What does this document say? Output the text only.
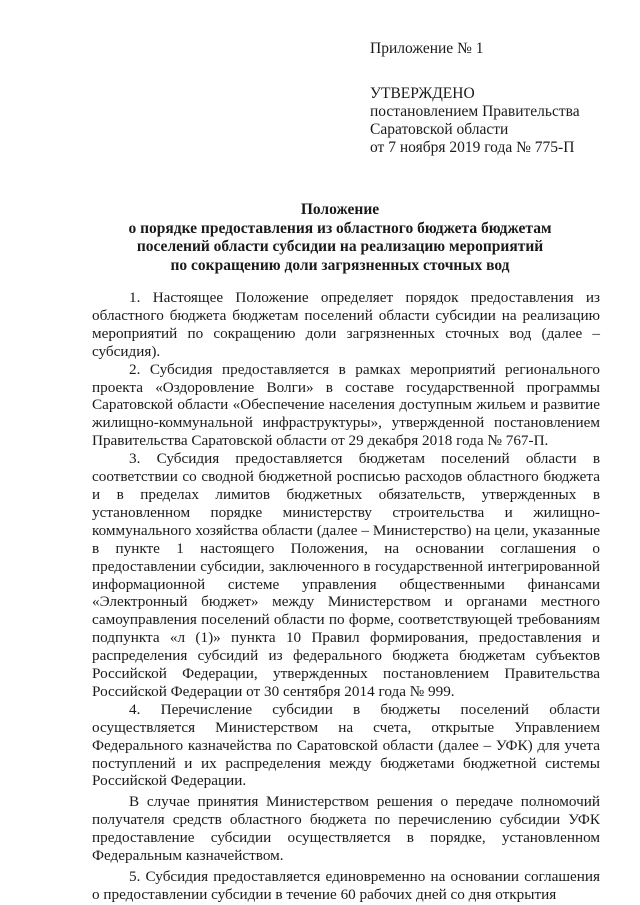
Приложение № 1
УТВЕРЖДЕНО
постановлением Правительства
Саратовской области
от 7 ноября 2019 года № 775-П
Положение
о порядке предоставления из областного бюджета бюджетам
поселений области субсидии на реализацию мероприятий
по сокращению доли загрязненных сточных вод

1. Настоящее Положение определяет порядок предоставления из областного бюджета бюджетам поселений области субсидии на реализацию мероприятий по сокращению доли загрязненных сточных вод (далее – субсидия).

2. Субсидия предоставляется в рамках мероприятий регионального проекта «Оздоровление Волги» в составе государственной программы Саратовской области «Обеспечение населения доступным жильем и развитие жилищно-коммунальной инфраструктуры», утвержденной постановлением Правительства Саратовской области от 29 декабря 2018 года № 767-П.

3. Субсидия предоставляется бюджетам поселений области в соответствии со сводной бюджетной росписью расходов областного бюджета и в пределах лимитов бюджетных обязательств, утвержденных в установленном порядке министерству строительства и жилищно-коммунального хозяйства области (далее – Министерство) на цели, указанные в пункте 1 настоящего Положения, на основании соглашения о предоставлении субсидии, заключенного в государственной интегрированной информационной системе управления общественными финансами «Электронный бюджет» между Министерством и органами местного самоуправления поселений области по форме, соответствующей требованиям подпункта «л (1)» пункта 10 Правил формирования, предоставления и распределения субсидий из федерального бюджета бюджетам субъектов Российской Федерации, утвержденных постановлением Правительства Российской Федерации от 30 сентября 2014 года № 999.

4. Перечисление субсидии в бюджеты поселений области осуществляется Министерством на счета, открытые Управлением Федерального казначейства по Саратовской области (далее – УФК) для учета поступлений и их распределения между бюджетами бюджетной системы Российской Федерации.

В случае принятия Министерством решения о передаче полномочий получателя средств областного бюджета по перечислению субсидии УФК предоставление субсидии осуществляется в порядке, установленном Федеральным казначейством.

5. Субсидия предоставляется единовременно на основании соглашения о предоставлении субсидии в течение 60 рабочих дней со дня открытия
